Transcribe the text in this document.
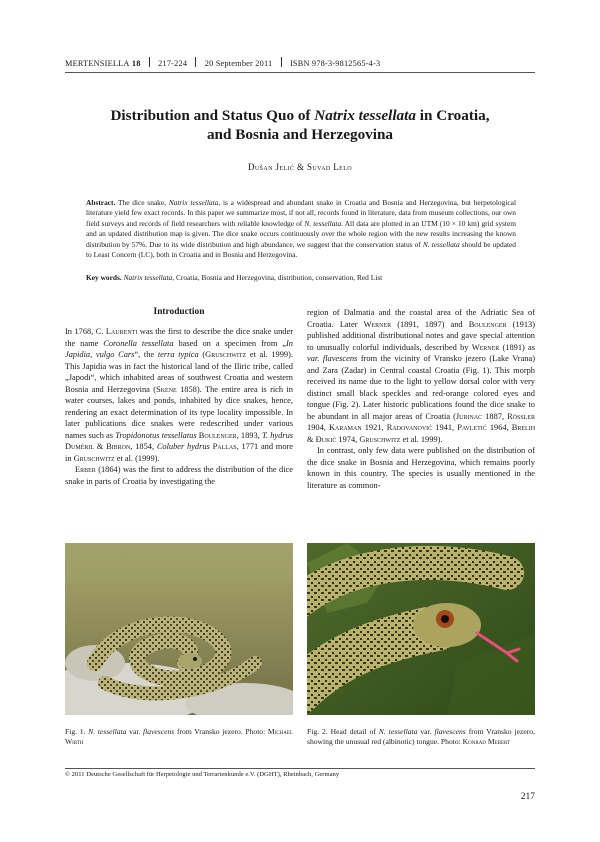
MERTENSIELLA 18 217-224 20 September 2011 ISBN 978-3-9812565-4-3
Distribution and Status Quo of Natrix tessellata in Croatia,
and Bosnia and Herzegovina
Dušan Jelić & Suvad Lelo
Abstract. The dice snake, Natrix tessellata, is a widespread and abundant snake in Croatia and Bosnia and Herzegovina, but herpetological literature yield few exact records. In this paper we summarize most, if not all, records found in literature, data from museum collections, our own field surveys and records of field researchers with reliable knowledge of N. tessellata. All data are plotted in an UTM (10 × 10 km) grid system and an updated distribution map is given. The dice snake occurs continuously over the whole region with the new results increasing the known distribution by 57%. Due to its wide distribution and high abundance, we suggest that the conservation status of N. tessellata should be updated to Least Concern (LC), both in Croatia and in Bosnia and Herzegovina.
Key words. Natrix tessellata, Croatia, Bosnia and Herzegovina, distribution, conservation, Red List
Introduction

In 1768, C. Laurenti was the first to describe the dice snake under the name Coronella tessellata based on a specimen from „In Japidia, vulgo Cars“, the terra typica (Gruschwitz et al. 1999). This Japidia was in fact the historical land of the Iliric tribe, called „Japodi“, which inhabited areas of southwest Croatia and western Bosnia and Herzegovina (Skene 1858). The entire area is rich in water courses, lakes and ponds, inhabited by dice snakes, hence, rendering an exact determination of its type locality impossible. In later publications dice snakes were redescribed under various names such as Tropidonotus tessellatus Boulenger, 1893, T. hydrus Duméril & Bibron, 1854, Coluber hydrus Pallas, 1771 and more in Gruschwitz et al. (1999).

Erber (1864) was the first to address the distribution of the dice snake in parts of Croatia by investigating the

region of Dalmatia and the coastal area of the Adriatic Sea of Croatia. Later Werner (1891, 1897) and Boulenger (1913) published additional distributional notes and gave special attention to unusually colorful individuals, described by Werner (1891) as var. flavescens from the vicinity of Vransko jezero (Lake Vrana) and Zara (Zadar) in Central coastal Croatia (Fig. 1). This morph received its name due to the light to yellow dorsal color with very distinct small black speckles and red-orange colored eyes and tongue (Fig. 2). Later historic publications found the dice snake to be abundant in all major areas of Croatia (Jurinac 1887, Rössler 1904, Karaman 1921, Radovanović 1941, Pavletić 1964, Brelih & Đukić 1974, Gruschwitz et al. 1999).

In contrast, only few data were published on the distribution of the dice snake in Bosnia and Herzegovina, which remains poorly known in this country. The species is usually mentioned in the literature as common-

Fig. 1. N. tessellata var. flavescens from Vransko jezero. Photo: Michael Wirth
Fig. 2. Head detail of N. tessellata var. flavescens from Vransko jezero, showing the unusual red (albinotic) tongue. Photo: Konrad Mebert
© 2011 Deutsche Gesellschaft für Herpetologie und Terrarienkunde e.V. (DGHT), Rheinbach, Germany
217
